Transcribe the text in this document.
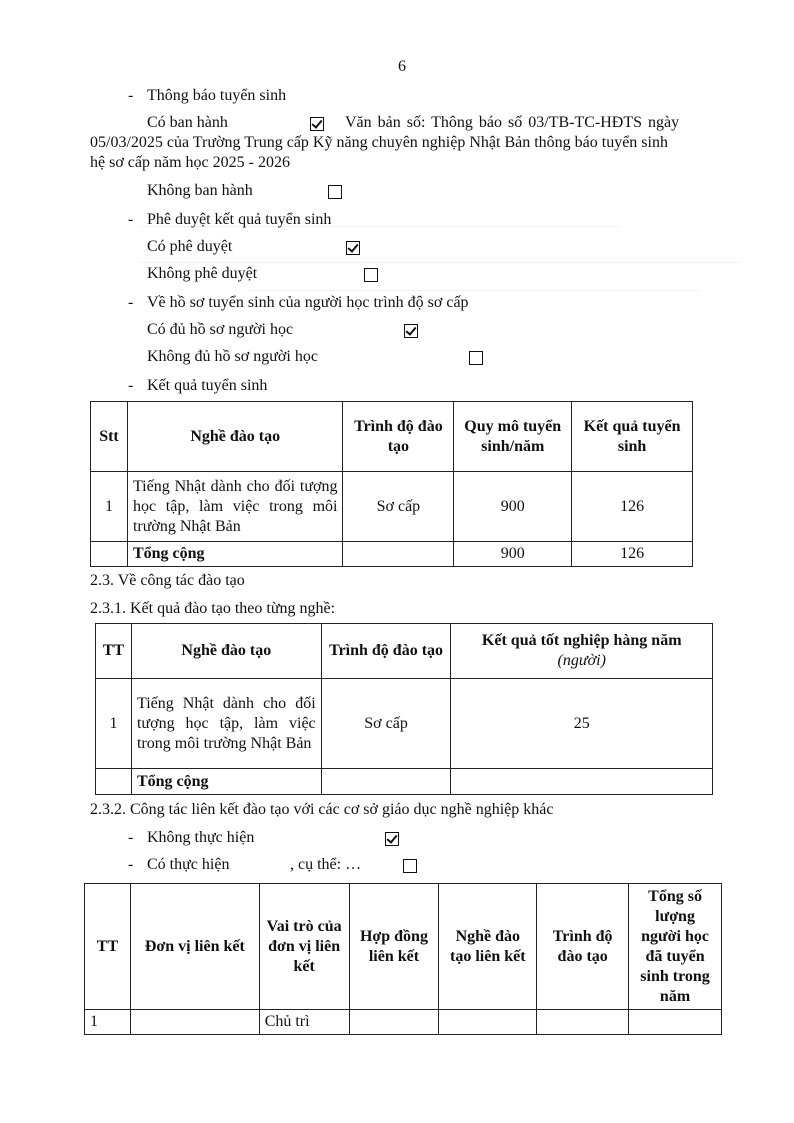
6
- Thông báo tuyển sinh
Có ban hành
	Văn bản số: Thông báo số 03/TB-TC-HĐTS ngày
05/03/2025 của Trường Trung cấp Kỹ năng chuyên nghiệp Nhật Bản thông báo tuyển sinh
hệ sơ cấp năm học 2025 - 2026
Không ban hành

- Phê duyệt kết quả tuyển sinh
Có phê duyệt

Không phê duyệt

- Về hồ sơ tuyển sinh của người học trình độ sơ cấp
Có đủ hồ sơ người học

Không đủ hồ sơ người học

- Kết quả tuyển sinh
Stt	Nghề đào tạo	Trình độ đào tạo	Quy mô tuyển sinh/năm	Kết quả tuyển sinh
1	Tiếng Nhật dành cho đối tượng học tập, làm việc trong môi trường Nhật Bản	Sơ cấp	900	126
	Tổng cộng		900	126
2.3. Về công tác đào tạo
2.3.1. Kết quả đào tạo theo từng nghề:
TT	Nghề đào tạo	Trình độ đào tạo	Kết quả tốt nghiệp hàng năm
(người)
1	Tiếng Nhật dành cho đối tượng học tập, làm việc trong môi trường Nhật Bản	Sơ cấp	25
	Tổng cộng		
2.3.2. Công tác liên kết đào tạo với các cơ sở giáo dục nghề nghiệp khác
- Không thực hiện

- Có thực hiện	, cụ thể: …
TT	Đơn vị liên kết	Vai trò của đơn vị liên kết	Hợp đồng liên kết	Nghề đào tạo liên kết	Trình độ đào tạo	Tổng số lượng người học đã tuyển sinh trong năm
1		Chủ trì				
